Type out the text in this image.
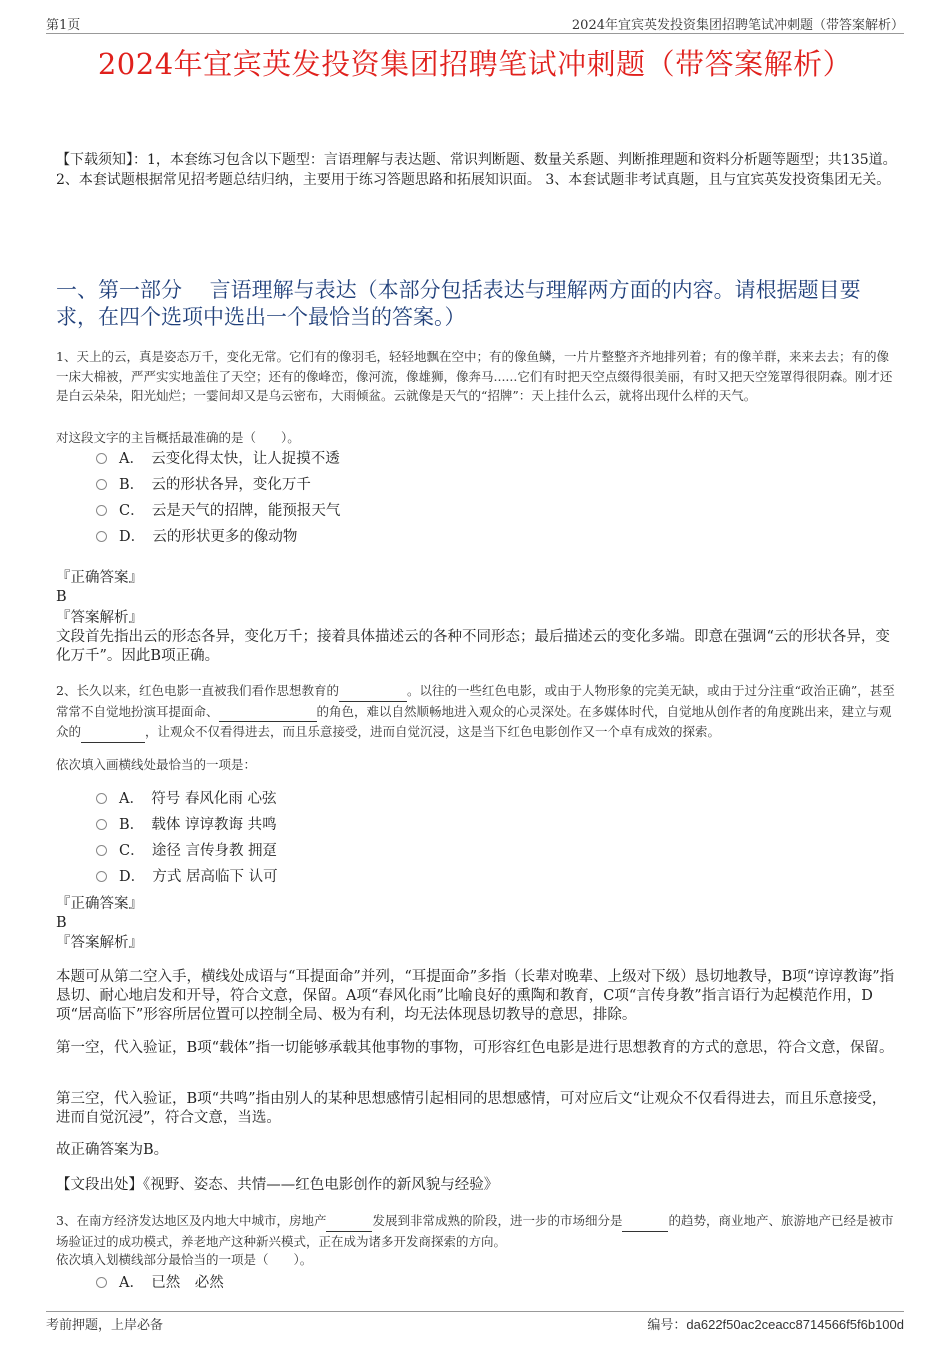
第1页	2024年宜宾英发投资集团招聘笔试冲刺题（带答案解析）
2024年宜宾英发投资集团招聘笔试冲刺题（带答案解析）
【下载须知】：1，本套练习包含以下题型：言语理解与表达题、常识判断题、数量关系题、判断推理题和资料分析题等题型；共135道。 2、本套试题根据常见招考题总结归纳，主要用于练习答题思路和拓展知识面。 3、本套试题非考试真题，且与宜宾英发投资集团无关。
一、第一部分　 言语理解与表达（本部分包括表达与理解两方面的内容。请根据题目要求，在四个选项中选出一个最恰当的答案。）
1、天上的云，真是姿态万千，变化无常。它们有的像羽毛，轻轻地飘在空中；有的像鱼鳞，一片片整整齐齐地排列着；有的像羊群，来来去去；有的像一床大棉被，严严实实地盖住了天空；还有的像峰峦，像河流，像雄狮，像奔马......它们有时把天空点缀得很美丽，有时又把天空笼罩得很阴森。刚才还是白云朵朵，阳光灿烂；一霎间却又是乌云密布，大雨倾盆。云就像是天气的“招牌”：天上挂什么云，就将出现什么样的天气。
对这段文字的主旨概括最准确的是（　　）。
A．　云变化得太快，让人捉摸不透
B．　云的形状各异，变化万千
C．　云是天气的招牌，能预报天气
D．　云的形状更多的像动物
『正确答案』
B
『答案解析』
文段首先指出云的形态各异，变化万千；接着具体描述云的各种不同形态；最后描述云的变化多端。即意在强调“云的形状各异，变化万千”。因此B项正确。
2、长久以来，红色电影一直被我们看作思想教育的	。以往的一些红色电影，或由于人物形象的完美无缺，或由于过分注重“政治正确”，甚至常常不自觉地扮演耳提面命、	的角色，难以自然顺畅地进入观众的心灵深处。在多媒体时代，自觉地从创作者的角度跳出来，建立与观众的	，让观众不仅看得进去，而且乐意接受，进而自觉沉浸，这是当下红色电影创作又一个卓有成效的探索。
依次填入画横线处最恰当的一项是：
A．　符号 春风化雨 心弦
B．　载体 谆谆教诲 共鸣
C．　途径 言传身教 拥趸
D．　方式 居高临下 认可
『正确答案』
B
『答案解析』
本题可从第二空入手，横线处成语与“耳提面命”并列，“耳提面命”多指（长辈对晚辈、上级对下级）恳切地教导，B项“谆谆教诲”指恳切、耐心地启发和开导，符合文意，保留。A项“春风化雨”比喻良好的熏陶和教育，C项“言传身教”指言语行为起模范作用，D项“居高临下”形容所居位置可以控制全局、极为有利，均无法体现恳切教导的意思，排除。
第一空，代入验证，B项“载体”指一切能够承载其他事物的事物，可形容红色电影是进行思想教育的方式的意思，符合文意，保留。
第三空，代入验证，B项“共鸣”指由别人的某种思想感情引起相同的思想感情，可对应后文“让观众不仅看得进去，而且乐意接受，进而自觉沉浸”，符合文意，当选。
故正确答案为B。
【文段出处】《视野、姿态、共情——红色电影创作的新风貌与经验》
3、在南方经济发达地区及内地大中城市，房地产	发展到非常成熟的阶段，进一步的市场细分是	的趋势，商业地产、旅游地产已经是被市场验证过的成功模式，养老地产这种新兴模式，正在成为诸多开发商探索的方向。
依次填入划横线部分最恰当的一项是（　　）。
A．　已然　必然
考前押题，上岸必备	编号：da622f50ac2ceacc8714566f5f6b100d
